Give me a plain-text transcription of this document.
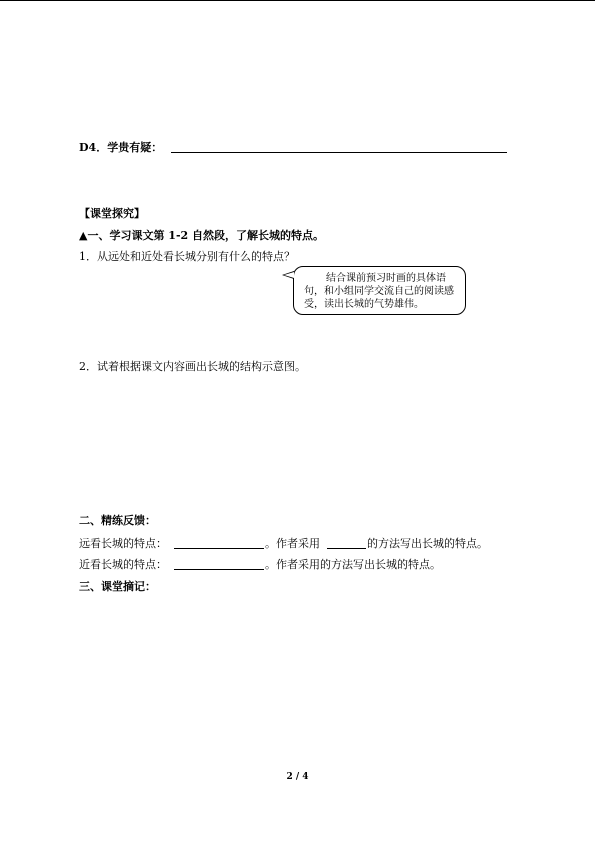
D4．学贵有疑：
【课堂探究】
▲一、学习课文第 1-2 自然段，了解长城的特点。
1．从远处和近处看长城分别有什么的特点？
结合课前预习时画的具体语句，和小组同学交流自己的阅读感受，读出长城的气势雄伟。
2．试着根据课文内容画出长城的结构示意图。
二、精练反馈：
远看长城的特点：	。作者采用	的方法写出长城的特点。
近看长城的特点：	。作者采用的方法写出长城的特点。
三、课堂摘记：
2 / 4
